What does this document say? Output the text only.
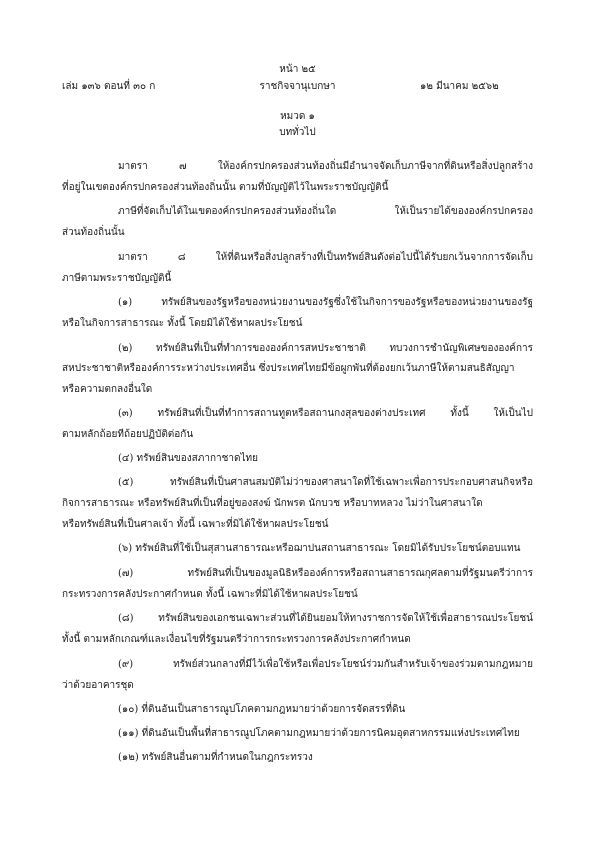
หน้า ๒๕
เล่ม ๑๓๖ ตอนที่ ๓๐ ก	ราชกิจจานุเบกษา	๑๒ มีนาคม ๒๕๖๒
หมวด ๑
บททั่วไป
มาตรา ๗ ให้องค์กรปกครองส่วนท้องถิ่นมีอำนาจจัดเก็บภาษีจากที่ดินหรือสิ่งปลูกสร้าง
ที่อยู่ในเขตองค์กรปกครองส่วนท้องถิ่นนั้น ตามที่บัญญัติไว้ในพระราชบัญญัตินี้
ภาษีที่จัดเก็บได้ในเขตองค์กรปกครองส่วนท้องถิ่นใด ให้เป็นรายได้ขององค์กรปกครอง
ส่วนท้องถิ่นนั้น
มาตรา ๘ ให้ที่ดินหรือสิ่งปลูกสร้างที่เป็นทรัพย์สินดังต่อไปนี้ได้รับยกเว้นจากการจัดเก็บ
ภาษีตามพระราชบัญญัตินี้
(๑) ทรัพย์สินของรัฐหรือของหน่วยงานของรัฐซึ่งใช้ในกิจการของรัฐหรือของหน่วยงานของรัฐ
หรือในกิจการสาธารณะ ทั้งนี้ โดยมิได้ใช้หาผลประโยชน์
(๒) ทรัพย์สินที่เป็นที่ทำการขององค์การสหประชาชาติ ทบวงการชำนัญพิเศษขององค์การ
สหประชาชาติหรือองค์การระหว่างประเทศอื่น ซึ่งประเทศไทยมีข้อผูกพันที่ต้องยกเว้นภาษีให้ตามสนธิสัญญา
หรือความตกลงอื่นใด
(๓) ทรัพย์สินที่เป็นที่ทำการสถานทูตหรือสถานกงสุลของต่างประเทศ ทั้งนี้ ให้เป็นไป
ตามหลักถ้อยทีถ้อยปฏิบัติต่อกัน
(๔) ทรัพย์สินของสภากาชาดไทย
(๕) ทรัพย์สินที่เป็นศาสนสมบัติไม่ว่าของศาสนาใดที่ใช้เฉพาะเพื่อการประกอบศาสนกิจหรือ
กิจการสาธารณะ หรือทรัพย์สินที่เป็นที่อยู่ของสงฆ์ นักพรต นักบวช หรือบาทหลวง ไม่ว่าในศาสนาใด
หรือทรัพย์สินที่เป็นศาลเจ้า ทั้งนี้ เฉพาะที่มิได้ใช้หาผลประโยชน์
(๖) ทรัพย์สินที่ใช้เป็นสุสานสาธารณะหรือฌาปนสถานสาธารณะ โดยมิได้รับประโยชน์ตอบแทน
(๗) ทรัพย์สินที่เป็นของมูลนิธิหรือองค์การหรือสถานสาธารณกุศลตามที่รัฐมนตรีว่าการ
กระทรวงการคลังประกาศกำหนด ทั้งนี้ เฉพาะที่มิได้ใช้หาผลประโยชน์
(๘) ทรัพย์สินของเอกชนเฉพาะส่วนที่ได้ยินยอมให้ทางราชการจัดให้ใช้เพื่อสาธารณประโยชน์
ทั้งนี้ ตามหลักเกณฑ์และเงื่อนไขที่รัฐมนตรีว่าการกระทรวงการคลังประกาศกำหนด
(๙) ทรัพย์ส่วนกลางที่มีไว้เพื่อใช้หรือเพื่อประโยชน์ร่วมกันสำหรับเจ้าของร่วมตามกฎหมาย
ว่าด้วยอาคารชุด
(๑๐) ที่ดินอันเป็นสาธารณูปโภคตามกฎหมายว่าด้วยการจัดสรรที่ดิน
(๑๑) ที่ดินอันเป็นพื้นที่สาธารณูปโภคตามกฎหมายว่าด้วยการนิคมอุตสาหกรรมแห่งประเทศไทย
(๑๒) ทรัพย์สินอื่นตามที่กำหนดในกฎกระทรวง
